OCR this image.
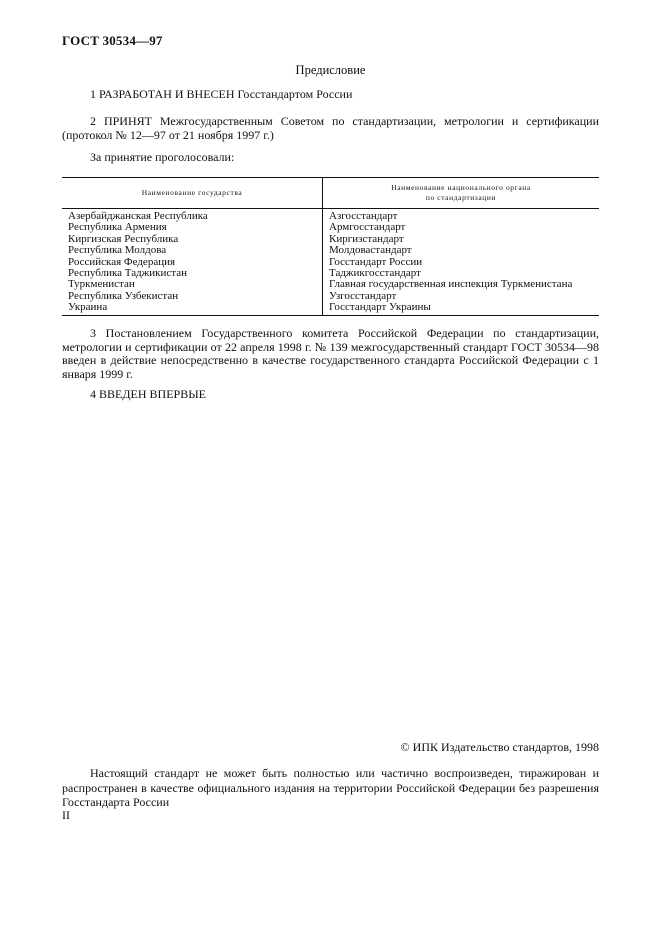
ГОСТ 30534—97
Предисловие
1 РАЗРАБОТАН И ВНЕСЕН Госстандартом России
2 ПРИНЯТ Межгосударственным Советом по стандартизации, метрологии и сертификации (протокол № 12—97 от 21 ноября 1997 г.)
За принятие проголосовали:
Наименование государства	Наименование национального органа
по стандартизации
Азербайджанская Республика	Азгосстандарт
Республика Армения	Армгосстандарт
Киргизская Республика	Киргизстандарт
Республика Молдова	Молдовастандарт
Российская Федерация	Госстандарт России
Республика Таджикистан	Таджикгосстандарт
Туркменистан	Главная государственная инспекция Туркменистана
Республика Узбекистан	Узгосстандарт
Украина	Госстандарт Украины
3 Постановлением Государственного комитета Российской Федерации по стандартизации, метрологии и сертификации от 22 апреля 1998 г. № 139 межгосударственный стандарт ГОСТ 30534—98 введен в действие непосредственно в качестве государственного стандарта Российской Федерации с 1 января 1999 г.
4 ВВЕДЕН ВПЕРВЫЕ
© ИПК Издательство стандартов, 1998
Настоящий стандарт не может быть полностью или частично воспроизведен, тиражирован и распространен в качестве официального издания на территории Российской Федерации без разрешения Госстандарта России
II
